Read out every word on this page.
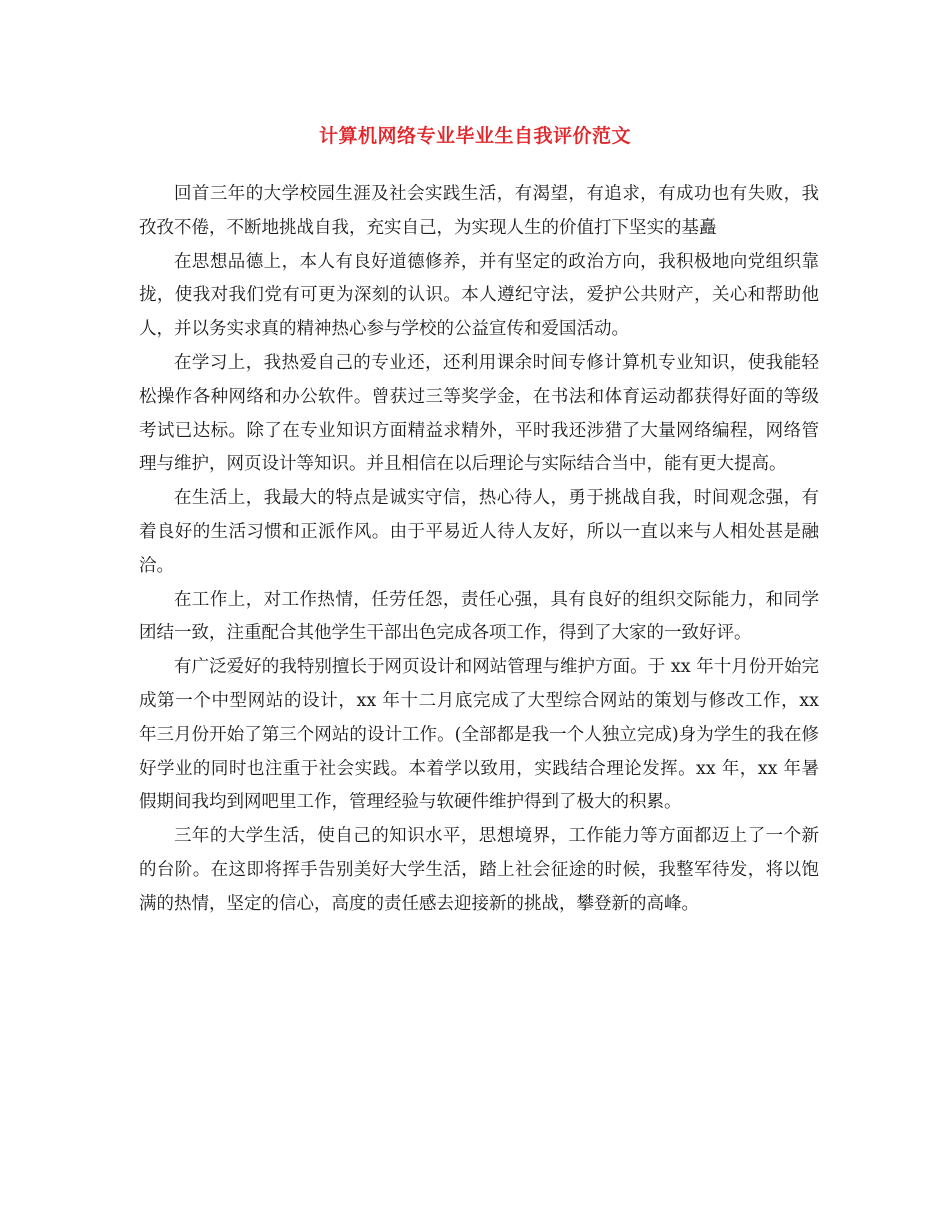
计算机网络专业毕业生自我评价范文

回首三年的大学校园生涯及社会实践生活，有渴望，有追求，有成功也有失败，我孜孜不倦，不断地挑战自我，充实自己，为实现人生的价值打下坚实的基矗

在思想品德上，本人有良好道德修养，并有坚定的政治方向，我积极地向党组织靠拢，使我对我们党有可更为深刻的认识。本人遵纪守法，爱护公共财产，关心和帮助他人，并以务实求真的精神热心参与学校的公益宣传和爱国活动。

在学习上，我热爱自己的专业还，还利用课余时间专修计算机专业知识，使我能轻松操作各种网络和办公软件。曾获过三等奖学金，在书法和体育运动都获得好面的等级考试已达标。除了在专业知识方面精益求精外，平时我还涉猎了大量网络编程，网络管理与维护，网页设计等知识。并且相信在以后理论与实际结合当中，能有更大提高。

在生活上，我最大的特点是诚实守信，热心待人，勇于挑战自我，时间观念强，有着良好的生活习惯和正派作风。由于平易近人待人友好，所以一直以来与人相处甚是融洽。

在工作上，对工作热情，任劳任怨，责任心强，具有良好的组织交际能力，和同学团结一致，注重配合其他学生干部出色完成各项工作，得到了大家的一致好评。

有广泛爱好的我特别擅长于网页设计和网站管理与维护方面。于 xx 年十月份开始完成第一个中型网站的设计，xx 年十二月底完成了大型综合网站的策划与修改工作，xx 年三月份开始了第三个网站的设计工作。(全部都是我一个人独立完成)身为学生的我在修好学业的同时也注重于社会实践。本着学以致用，实践结合理论发挥。xx 年，xx 年暑假期间我均到网吧里工作，管理经验与软硬件维护得到了极大的积累。

三年的大学生活，使自己的知识水平，思想境界，工作能力等方面都迈上了一个新的台阶。在这即将挥手告别美好大学生活，踏上社会征途的时候，我整军待发，将以饱满的热情，坚定的信心，高度的责任感去迎接新的挑战，攀登新的高峰。
